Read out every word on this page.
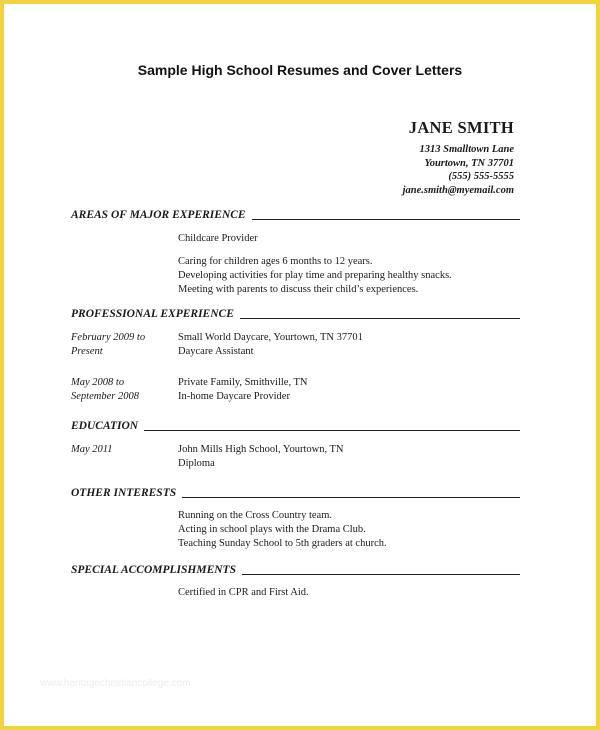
Sample High School Resumes and Cover Letters
JANE SMITH
1313 Smalltown Lane
Yourtown, TN 37701
(555) 555-5555
jane.smith@myemail.com
AREAS OF MAJOR EXPERIENCE
Childcare Provider
Caring for children ages 6 months to 12 years.
Developing activities for play time and preparing healthy snacks.
Meeting with parents to discuss their child’s experiences.
PROFESSIONAL EXPERIENCE
February 2009 to
Present
Small World Daycare, Yourtown, TN 37701
Daycare Assistant
May 2008 to
September 2008
Private Family, Smithville, TN
In-home Daycare Provider
EDUCATION
May 2011	John Mills High School, Yourtown, TN
Diploma
OTHER INTERESTS
Running on the Cross Country team.
Acting in school plays with the Drama Club.
Teaching Sunday School to 5th graders at church.
SPECIAL ACCOMPLISHMENTS
Certified in CPR and First Aid.
www.heritagechristiancollege.com
